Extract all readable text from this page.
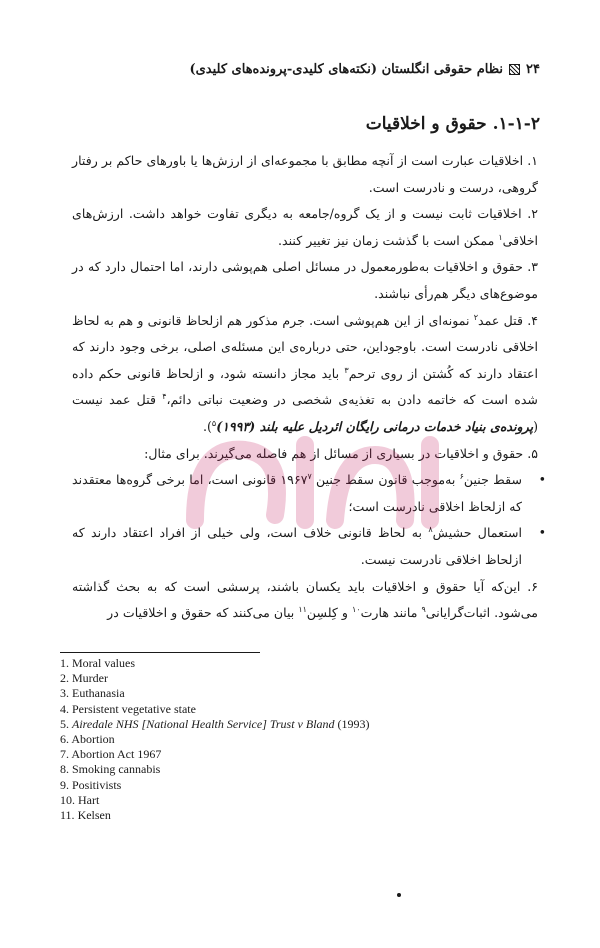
۲۴نظام حقوقی انگلستان (نکته‌های کلیدی-پرونده‌های کلیدی)
۱-۱-۲. حقوق و اخلاقیات

۱. اخلاقیات عبارت است از آنچه مطابق با مجموعه‌ای از ارزش‌ها یا باورهای حاکم بر رفتار گروهی، درست و نادرست است.

۲. اخلاقیات ثابت نیست و از یک گروه/جامعه به دیگری تفاوت خواهد داشت. ارزش‌های اخلاقی$^۱$ ممکن است با گذشت زمان نیز تغییر کنند.

۳. حقوق و اخلاقیات به‌طورمعمول در مسائل اصلی هم‌پوشی دارند، اما احتمال دارد که در موضوع‌های دیگر هم‌رأی نباشند.

۴. قتل عمد$^۲$ نمونه‌ای از این هم‌پوشی است. جرم مذکور هم ازلحاظ قانونی و هم به لحاظ اخلاقی نادرست است. باوجوداین، حتی درباره‌ی این مسئله‌ی اصلی، برخی وجود دارند که اعتقاد دارند که کُشتن از روی ترحم$^۳$ باید مجاز دانسته شود، و ازلحاظ قانونی حکم داده شده است که خاتمه دادن به تغذیه‌ی شخصی در وضعیت نباتی دائم،$^۴$ قتل عمد نیست (پرونده‌ی بنیاد خدمات درمانی رایگان ائردیل علیه بلند (۱۹۹۳)$^۵$).

۵. حقوق و اخلاقیات در بسیاری از مسائل از هم فاصله می‌گیرند. برای مثال:

•سقط جنین$^۶$ به‌موجب قانون سقط جنین ۱۹۶۷$^۷$ قانونی است، اما برخی گروه‌ها معتقدند که ازلحاظ اخلاقی نادرست است؛

•استعمال حشیش$^۸$ به لحاظ قانونی خلاف است، ولی خیلی از افراد اعتقاد دارند که ازلحاظ اخلاقی نادرست نیست.

۶. این‌که آیا حقوق و اخلاقیات باید یکسان باشند، پرسشی است که به بحث گذاشته می‌شود. اثبات‌گرایانی$^۹$ مانند هارت$^{۱۰}$ و کِلسِن$^{۱۱}$ بیان می‌کنند که حقوق و اخلاقیات در

1. Moral values
2. Murder
3. Euthanasia
4. Persistent vegetative state
5. Airedale NHS [National Health Service] Trust v Bland (1993)
6. Abortion
7. Abortion Act 1967
8. Smoking cannabis
9. Positivists
10. Hart
11. Kelsen
